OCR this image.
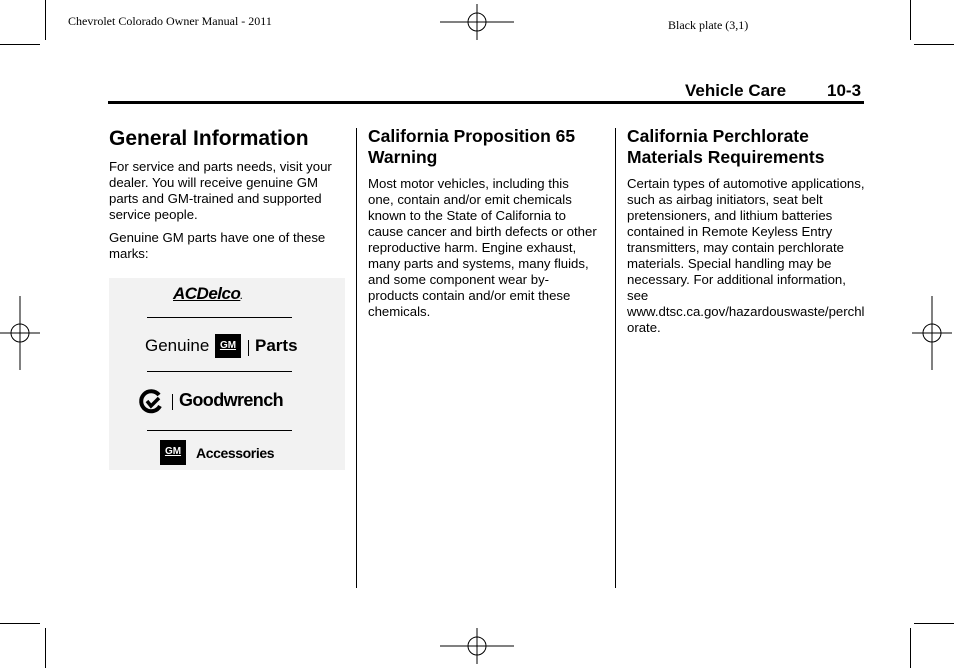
Chevrolet Colorado Owner Manual - 2011	Black plate (3,1)
Vehicle Care 10-3
General Information

For service and parts needs, visit your dealer. You will receive genuine GM parts and GM-trained and supported service people.

Genuine GM parts have one of these marks:

ACDelco.
Genuine	GM Parts
Goodwrench
GM	Accessories
California Proposition 65 Warning

Most motor vehicles, including this one, contain and/or emit chemicals known to the State of California to cause cancer and birth defects or other reproductive harm. Engine exhaust, many parts and systems, many fluids, and some component wear by-products contain and/or emit these chemicals.

California Perchlorate Materials Requirements

Certain types of automotive applications, such as airbag initiators, seat belt pretensioners, and lithium batteries contained in Remote Keyless Entry transmitters, may contain perchlorate materials. Special handling may be necessary. For additional information, see www.dtsc.ca.gov/hazardouswaste/perchlorate.
